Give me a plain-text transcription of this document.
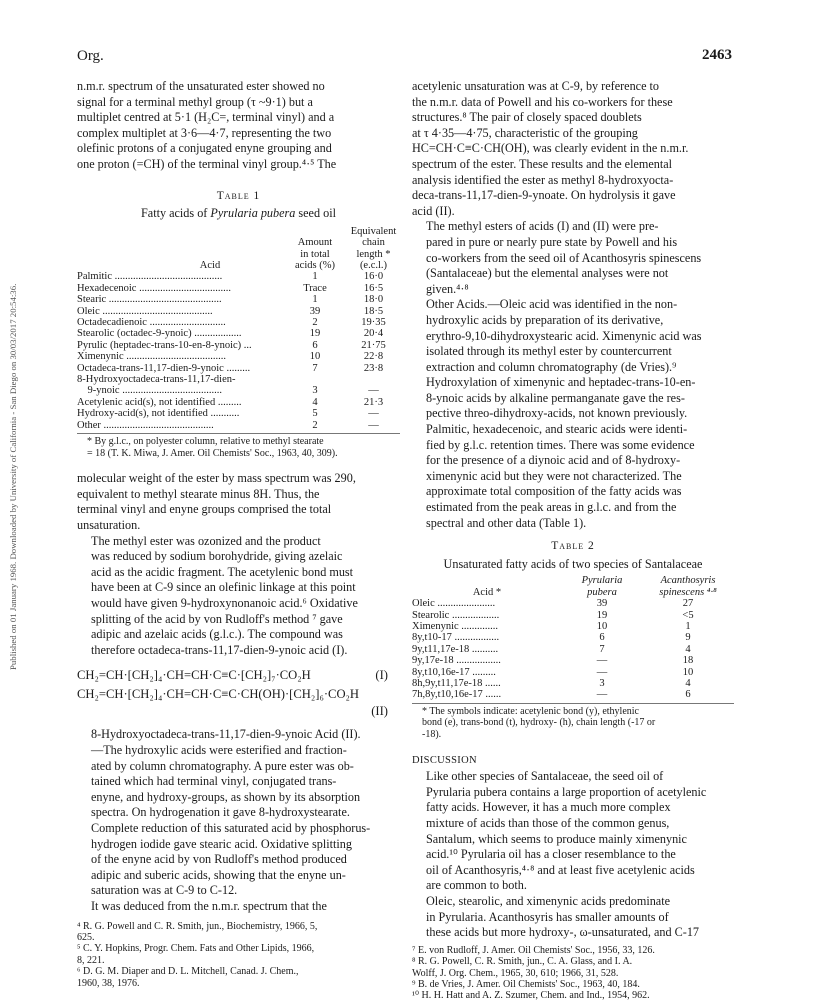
Published on 01 January 1968. Downloaded by University of California - San Diego on 30/03/2017 20:54:36.
Org.	2463
n.m.r. spectrum of the unsaturated ester showed no
signal for a terminal methyl group (τ ~9·1) but a
multiplet centred at 5·1 (H₂C=, terminal vinyl) and a
complex multiplet at 3·6—4·7, representing the two
olefinic protons of a conjugated enyne grouping and
one proton (=CH) of the terminal vinyl group.⁴·⁵ The

Table 1

Fatty acids of Pyrularia pubera seed oil

Acid	Amount
in total
acids (%)	Equivalent
chain
length *
(e.c.l.)

Palmitic .........................................	1	16·0
Hexadecenoic ...................................	Trace	16·5
Stearic ...........................................	1	18·0
Oleic ..........................................	39	18·5
Octadecadienoic .............................	2	19·35
Stearolic (octadec-9-ynoic) ..................	19	20·4
Pyrulic (heptadec-trans-10-en-8-ynoic) ...	6	21·75
Ximenynic ......................................	10	22·8
Octadeca-trans-11,17-dien-9-ynoic .........	7	23·8
8-Hydroxyoctadeca-trans-11,17-dien-		
9-ynoic ......................................	3	—
Acetylenic acid(s), not identified .........	4	21·3
Hydroxy-acid(s), not identified ...........	5	—
Other ..........................................	2	—
* By g.l.c., on polyester column, relative to methyl stearate
= 18 (T. K. Miwa, J. Amer. Oil Chemists' Soc., 1963, 40, 309).
molecular weight of the ester by mass spectrum was 290,
equivalent to methyl stearate minus 8H. Thus, the
terminal vinyl and enyne groups comprised the total
unsaturation.
The methyl ester was ozonized and the product
was reduced by sodium borohydride, giving azelaic
acid as the acidic fragment. The acetylenic bond must
have been at C-9 since an olefinic linkage at this point
would have given 9-hydroxynonanoic acid.⁶ Oxidative
splitting of the acid by von Rudloff's method ⁷ gave
adipic and azelaic acids (g.l.c.). The compound was
therefore octadeca-trans-11,17-dien-9-ynoic acid (I).
CH₂=CH·[CH₂]₄·CH=CH·C≡C·[CH₂]₇·CO₂H	(I)
CH₂=CH·[CH₂]₄·CH=CH·C≡C·CH(OH)·[CH₂]₆·CO₂H
(II)
8-Hydroxyoctadeca-trans-11,17-dien-9-ynoic Acid (II).
—The hydroxylic acids were esterified and fraction-
ated by column chromatography. A pure ester was ob-
tained which had terminal vinyl, conjugated trans-
enyne, and hydroxy-groups, as shown by its absorption
spectra. On hydrogenation it gave 8-hydroxystearate.
Complete reduction of this saturated acid by phosphorus-
hydrogen iodide gave stearic acid. Oxidative splitting
of the enyne acid by von Rudloff's method produced
adipic and suberic acids, showing that the enyne un-
saturation was at C-9 to C-12.
It was deduced from the n.m.r. spectrum that the
⁴ R. G. Powell and C. R. Smith, jun., Biochemistry, 1966, 5,
625.
⁵ C. Y. Hopkins, Progr. Chem. Fats and Other Lipids, 1966,
8, 221.
⁶ D. G. M. Diaper and D. L. Mitchell, Canad. J. Chem.,
1960, 38, 1976.
acetylenic unsaturation was at C-9, by reference to
the n.m.r. data of Powell and his co-workers for these
structures.⁸ The pair of closely spaced doublets
at τ 4·35—4·75, characteristic of the grouping
HC=CH·C≡C·CH(OH), was clearly evident in the n.m.r.
spectrum of the ester. These results and the elemental
analysis identified the ester as methyl 8-hydroxyocta-
deca-trans-11,17-dien-9-ynoate. On hydrolysis it gave
acid (II).
The methyl esters of acids (I) and (II) were pre-
pared in pure or nearly pure state by Powell and his
co-workers from the seed oil of Acanthosyris spinescens
(Santalaceae) but the elemental analyses were not
given.⁴·⁸
Other Acids.—Oleic acid was identified in the non-
hydroxylic acids by preparation of its derivative,
erythro-9,10-dihydroxystearic acid. Ximenynic acid was
isolated through its methyl ester by countercurrent
extraction and column chromatography (de Vries).⁹
Hydroxylation of ximenynic and heptadec-trans-10-en-
8-ynoic acids by alkaline permanganate gave the res-
pective threo-dihydroxy-acids, not known previously.
Palmitic, hexadecenoic, and stearic acids were identi-
fied by g.l.c. retention times. There was some evidence
for the presence of a diynoic acid and of 8-hydroxy-
ximenynic acid but they were not characterized. The
approximate total composition of the fatty acids was
estimated from the peak areas in g.l.c. and from the
spectral and other data (Table 1).

Table 2

Unsaturated fatty acids of two species of Santalaceae

Acid *	Pyrularia
pubera	Acanthosyris
spinescens ⁴·⁸

Oleic ......................	39	27
Stearolic ..................	19	<5
Ximenynic ..............	10	1
8y,t10-17 .................	6	9
9y,t11,17e-18 ..........	7	4
9y,17e-18 .................	—	18
8y,t10,16e-17 .........	—	10
8h,9y,t11,17e-18 ......	3	4
7h,8y,t10,16e-17 ......	—	6
* The symbols indicate: acetylenic bond (y), ethylenic
bond (e), trans-bond (t), hydroxy- (h), chain length (-17 or
-18).
DISCUSSION
Like other species of Santalaceae, the seed oil of
Pyrularia pubera contains a large proportion of acetylenic
fatty acids. However, it has a much more complex
mixture of acids than those of the common genus,
Santalum, which seems to produce mainly ximenynic
acid.¹⁰ Pyrularia oil has a closer resemblance to the
oil of Acanthosyris,⁴·⁸ and at least five acetylenic acids
are common to both.
Oleic, stearolic, and ximenynic acids predominate
in Pyrularia. Acanthosyris has smaller amounts of
these acids but more hydroxy-, ω-unsaturated, and C-17
⁷ E. von Rudloff, J. Amer. Oil Chemists' Soc., 1956, 33, 126.
⁸ R. G. Powell, C. R. Smith, jun., C. A. Glass, and I. A.
Wolff, J. Org. Chem., 1965, 30, 610; 1966, 31, 528.
⁹ B. de Vries, J. Amer. Oil Chemists' Soc., 1963, 40, 184.
¹⁰ H. H. Hatt and A. Z. Szumer, Chem. and Ind., 1954, 962.
